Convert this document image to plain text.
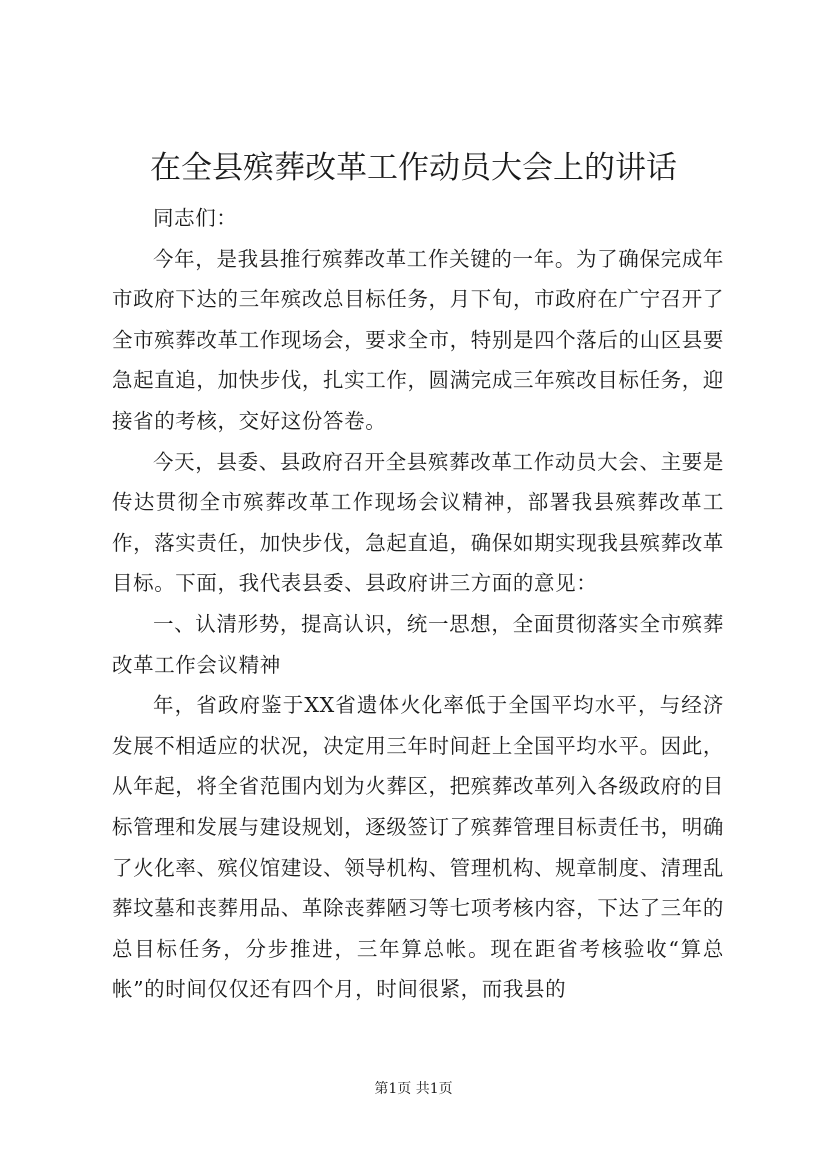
在全县殡葬改革工作动员大会上的讲话

同志们：

今年，是我县推行殡葬改革工作关键的一年。为了确保完成年市政府下达的三年殡改总目标任务，月下旬，市政府在广宁召开了全市殡葬改革工作现场会，要求全市，特别是四个落后的山区县要急起直追，加快步伐，扎实工作，圆满完成三年殡改目标任务，迎接省的考核，交好这份答卷。

今天，县委、县政府召开全县殡葬改革工作动员大会、主要是传达贯彻全市殡葬改革工作现场会议精神，部署我县殡葬改革工作，落实责任，加快步伐，急起直追，确保如期实现我县殡葬改革目标。下面，我代表县委、县政府讲三方面的意见：

一、认清形势，提高认识，统一思想，全面贯彻落实全市殡葬改革工作会议精神

年，省政府鉴于XX省遗体火化率低于全国平均水平，与经济发展不相适应的状况，决定用三年时间赶上全国平均水平。因此，从年起，将全省范围内划为火葬区，把殡葬改革列入各级政府的目标管理和发展与建设规划，逐级签订了殡葬管理目标责任书，明确了火化率、殡仪馆建设、领导机构、管理机构、规章制度、清理乱葬坟墓和丧葬用品、革除丧葬陋习等七项考核内容，下达了三年的总目标任务，分步推进，三年算总帐。现在距省考核验收“算总帐”的时间仅仅还有四个月，时间很紧，而我县的

第1页 共1页
